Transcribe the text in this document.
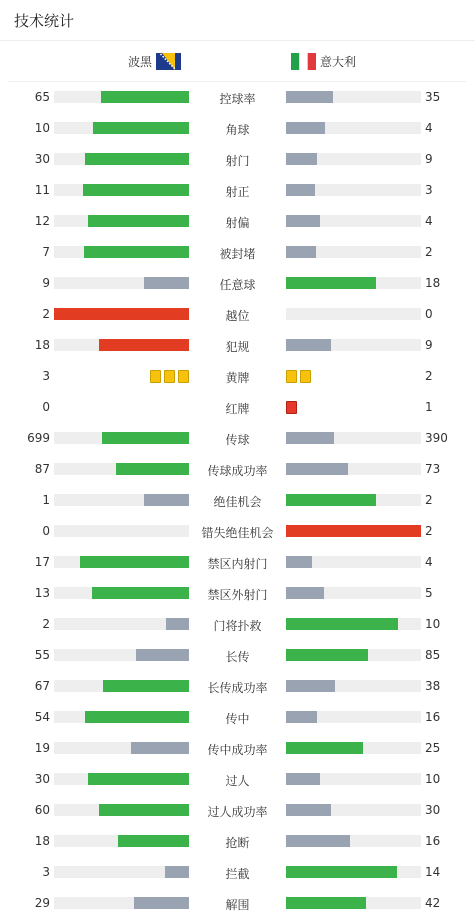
技术统计
波黑	意大利
65	控球率	35
10	角球	4
30	射门	9
11	射正	3
12	射偏	4
7	被封堵	2
9	任意球	18
2	越位	0
18	犯规	9
3	黄牌	2
0	红牌	1
699	传球	390
87	传球成功率	73
1	绝佳机会	2
0	错失绝佳机会	2
17	禁区内射门	4
13	禁区外射门	5
2	门将扑救	10
55	长传	85
67	长传成功率	38
54	传中	16
19	传中成功率	25
30	过人	10
60	过人成功率	30
18	抢断	16
3	拦截	14
29	解围	42
